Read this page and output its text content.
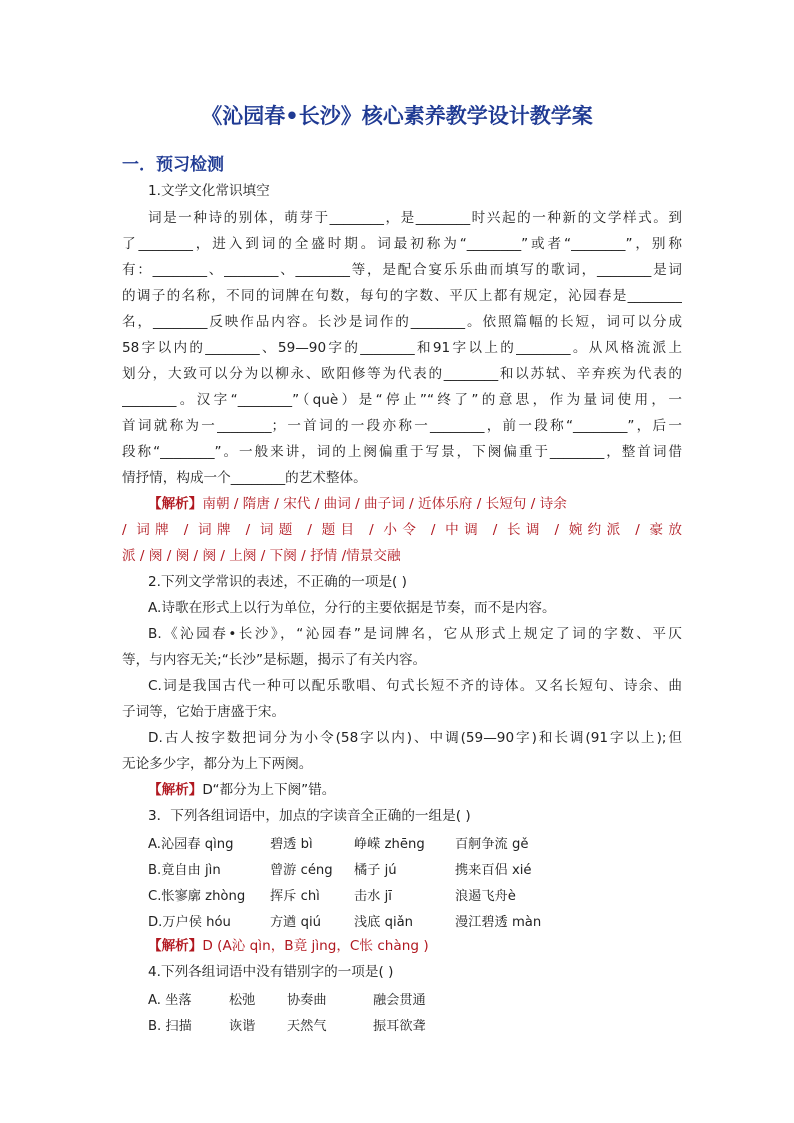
《沁园春•长沙》核心素养教学设计教学案
一．预习检测
1.文学文化常识填空
词是一种诗的别体，萌芽于________，是________时兴起的一种新的文学样式。到
了________，进入到词的全盛时期。词最初称为“________”或者“________”，别称
有：________、________、________等，是配合宴乐乐曲而填写的歌词，________是词
的调子的名称，不同的词牌在句数，每句的字数、平仄上都有规定，沁园春是________
名，________反映作品内容。长沙是词作的________。依照篇幅的长短，词可以分成
58字以内的________、59—90字的________和91字以上的________。从风格流派上
划分，大致可以分为以柳永、欧阳修等为代表的________和以苏轼、辛弃疾为代表的
________。汉字“________”（què）是“停止”“终了”的意思，作为量词使用，一
首词就称为一________；一首词的一段亦称一________，前一段称“________”，后一
段称“________”。一般来讲，词的上阕偏重于写景，下阕偏重于________，整首词借
情抒情，构成一个________的艺术整体。
【解析】南朝 / 隋唐 / 宋代 / 曲词 / 曲子词 / 近体乐府 / 长短句 / 诗余
/ 词牌 / 词牌 / 词题 / 题目 / 小令 / 中调 / 长调 / 婉约派 / 豪放
派 / 阕 / 阕 / 阕 / 上阕 / 下阕 / 抒情 /情景交融
2.下列文学常识的表述，不正确的一项是( )
A.诗歌在形式上以行为单位，分行的主要依据是节奏，而不是内容。
B.《沁园春•长沙》，“沁园春”是词牌名，它从形式上规定了词的字数、平仄
等，与内容无关;“长沙”是标题，揭示了有关内容。
C.词是我国古代一种可以配乐歌唱、句式长短不齐的诗体。又名长短句、诗余、曲
子词等，它始于唐盛于宋。
D.古人按字数把词分为小令(58字以内)、中调(59—90字)和长调(91字以上);但
无论多少字，都分为上下两阕。
【解析】D“都分为上下阕”错。
3．下列各组词语中，加点的字读音全正确的一组是( )
A.沁园春 qìng	碧透 bì	峥嵘 zhēng 百舸争流 gě
B.竟自由 jìn	曾游 céng 橘子 jú	携来百侣 xié
C.怅寥廓 zhòng 挥斥 chì	击水 jī	浪遏飞舟è
D.万户侯 hóu	方遒 qiú	浅底 qiǎn	漫江碧透 màn
【解析】D (A沁 qìn，B竟 jìng，C怅 chàng )
4.下列各组词语中没有错别字的一项是( )
A. 坐落	松弛 协奏曲	融会贯通
B. 扫描	诙谐 天然气	振耳欲聋
